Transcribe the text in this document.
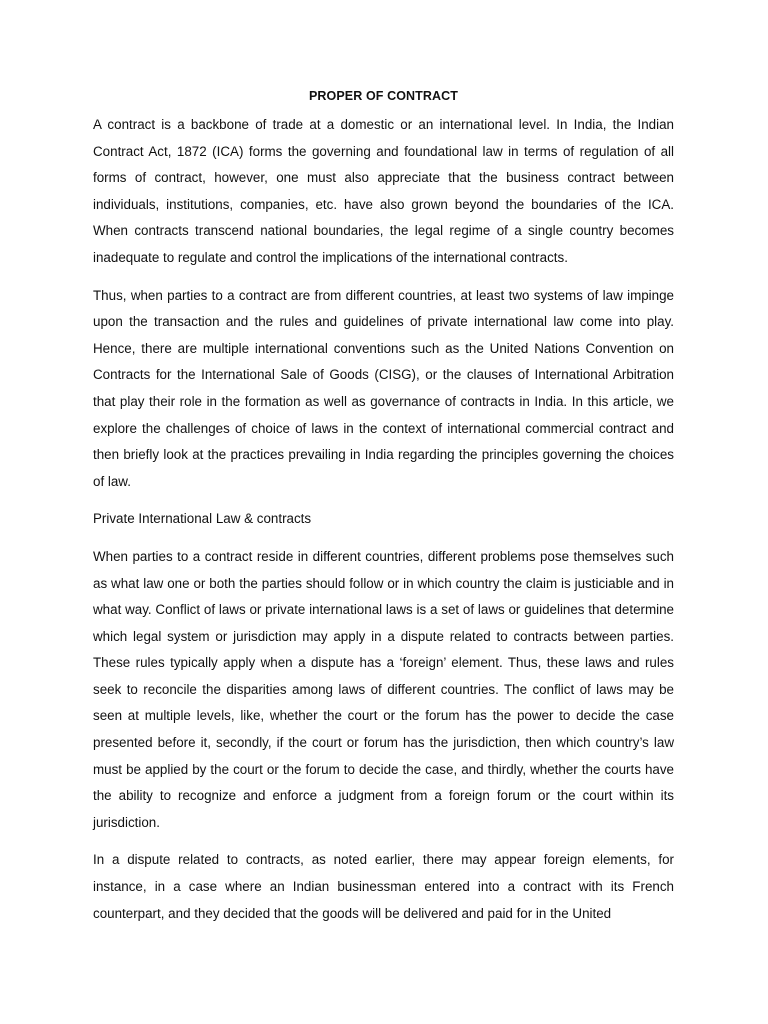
PROPER OF CONTRACT

A contract is a backbone of trade at a domestic or an international level. In India, the Indian Contract Act, 1872 (ICA) forms the governing and foundational law in terms of regulation of all forms of contract, however, one must also appreciate that the business contract between individuals, institutions, companies, etc. have also grown beyond the boundaries of the ICA. When contracts transcend national boundaries, the legal regime of a single country becomes inadequate to regulate and control the implications of the international contracts.

Thus, when parties to a contract are from different countries, at least two systems of law impinge upon the transaction and the rules and guidelines of private international law come into play. Hence, there are multiple international conventions such as the United Nations Convention on Contracts for the International Sale of Goods (CISG), or the clauses of International Arbitration that play their role in the formation as well as governance of contracts in India. In this article, we explore the challenges of choice of laws in the context of international commercial contract and then briefly look at the practices prevailing in India regarding the principles governing the choices of law.

Private International Law & contracts

When parties to a contract reside in different countries, different problems pose themselves such as what law one or both the parties should follow or in which country the claim is justiciable and in what way. Conflict of laws or private international laws is a set of laws or guidelines that determine which legal system or jurisdiction may apply in a dispute related to contracts between parties. These rules typically apply when a dispute has a ‘foreign’ element. Thus, these laws and rules seek to reconcile the disparities among laws of different countries. The conflict of laws may be seen at multiple levels, like, whether the court or the forum has the power to decide the case presented before it, secondly, if the court or forum has the jurisdiction, then which country’s law must be applied by the court or the forum to decide the case, and thirdly, whether the courts have the ability to recognize and enforce a judgment from a foreign forum or the court within its jurisdiction.

In a dispute related to contracts, as noted earlier, there may appear foreign elements, for instance, in a case where an Indian businessman entered into a contract with its French counterpart, and they decided that the goods will be delivered and paid for in the United
